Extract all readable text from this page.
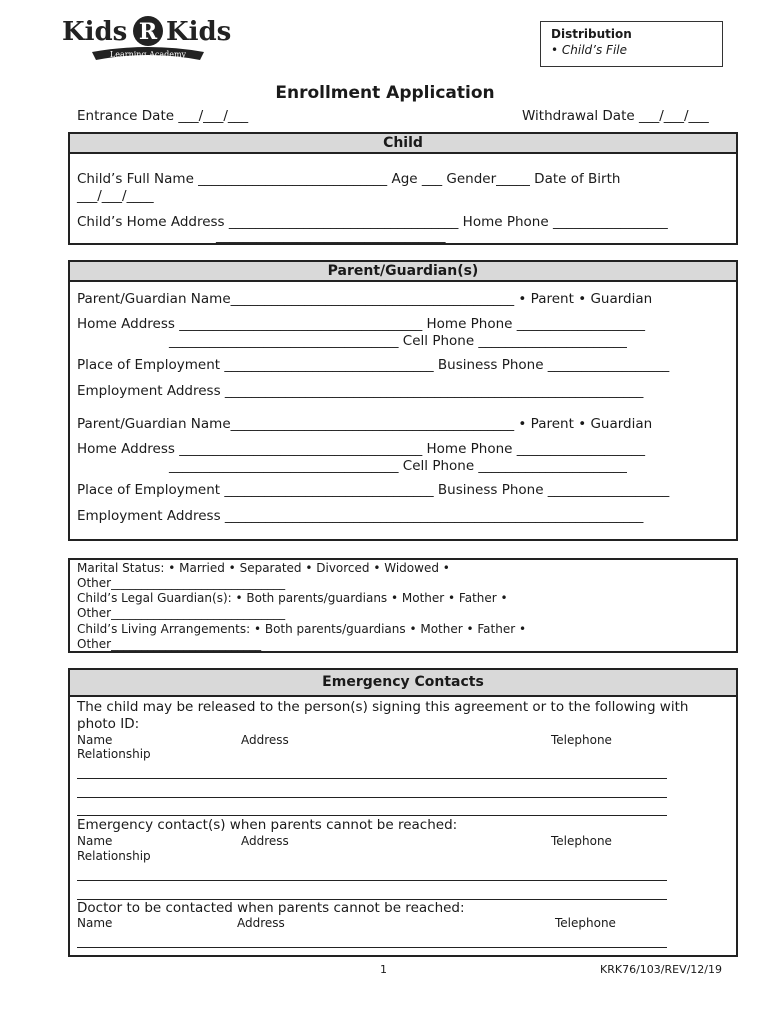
Kids R Kids
Learning Academy
Distribution
• Child’s File
Enrollment Application
Entrance Date ___/___/___	Withdrawal Date ___/___/___
Child
Child’s Full Name ____________________________ Age ___ Gender_____ Date of Birth
___/___/____
Child’s Home Address __________________________________ Home Phone _________________
__________________________________
Parent/Guardian(s)
Parent/Guardian Name__________________________________________ • Parent • Guardian
Home Address ____________________________________ Home Phone ___________________
__________________________________ Cell Phone ______________________
Place of Employment _______________________________ Business Phone __________________
Employment Address ______________________________________________________________
Parent/Guardian Name__________________________________________ • Parent • Guardian
Home Address ____________________________________ Home Phone ___________________
__________________________________ Cell Phone ______________________
Place of Employment _______________________________ Business Phone __________________
Employment Address ______________________________________________________________
Marital Status: • Married • Separated • Divorced • Widowed •
Other_____________________________
Child’s Legal Guardian(s): • Both parents/guardians • Mother • Father •
Other_____________________________
Child’s Living Arrangements: • Both parents/guardians • Mother • Father •
Other_________________________
Emergency Contacts
The child may be released to the person(s) signing this agreement or to the following with
photo ID:
Name	Address	Telephone
Relationship
Emergency contact(s) when parents cannot be reached:
Name	Address	Telephone
Relationship
Doctor to be contacted when parents cannot be reached:
Name	Address	Telephone
1	KRK76/103/REV/12/19
